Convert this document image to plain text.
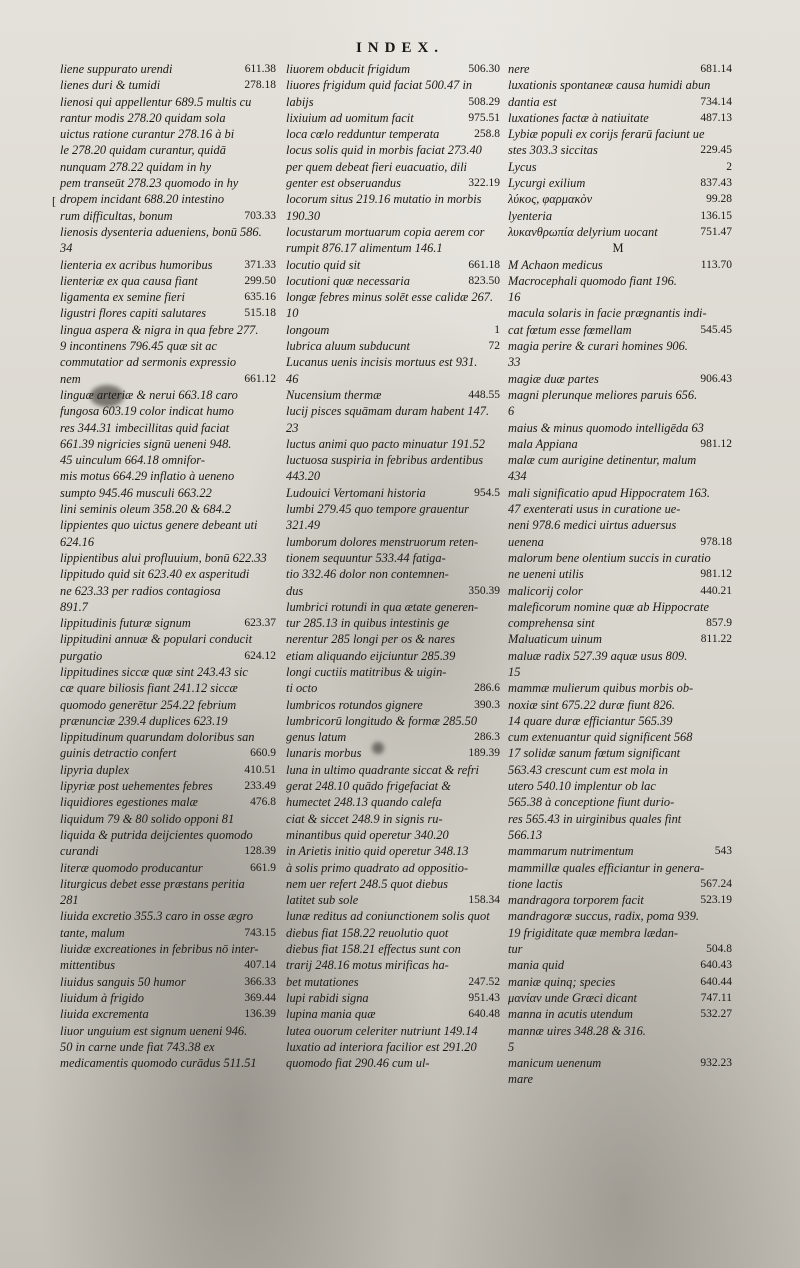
[
INDEX.
liene suppurato urendi	611.38
lienes duri & tumidi	278.18
lienosi qui appellentur 689.5 multis cu
rantur modis 278.20 quidam sola
uictus ratione curantur 278.16 à bi
le 278.20 quidam curantur, quidā
nunquam 278.22 quidam in hy
pem transeūt 278.23 quomodo in hy
dropem incidant 688.20 intestino
rum difficultas, bonum	703.33
lienosis dysenteria adueniens, bonū 586.
34
lienteria ex acribus humoribus	371.33
lienteriæ ex qua causa fiant	299.50
ligamenta ex semine fieri	635.16
ligustri flores capiti salutares	515.18
lingua aspera & nigra in qua febre 277.
9 incontinens 796.45 quæ sit ac
commutatior ad sermonis expressio
nem	661.12
linguæ arteriæ & nerui 663.18 caro
fungosa 603.19 color indicat humo
res 344.31 imbecillitas quid faciat
661.39 nigricies signū ueneni 948.
45 uinculum 664.18 omnifor-
mis motus 664.29 inflatio à ueneno
sumpto 945.46 musculi 663.22
lini seminis oleum 358.20 & 684.2
lippientes quo uictus genere debeant uti
624.16
lippientibus alui profluuium, bonū 622.33
lippitudo quid sit 623.40 ex asperitudi
ne 623.33 per radios contagiosa
891.7
lippitudinis futuræ signum	623.37
lippitudini annuæ & populari conducit
purgatio	624.12
lippitudines siccæ quæ sint 243.43 sic
cæ quare biliosis fiant 241.12 siccæ
quomodo generētur 254.22 febrium
prænunciæ 239.4 duplices 623.19
lippitudinum quarundam doloribus san
guinis detractio confert	660.9
lipyria duplex	410.51
lipyriæ post uehementes febres	233.49
liquidiores egestiones malæ	476.8
liquidum 79 & 80 solido opponi 81
liquida & putrida deijcientes quomodo
curandi	128.39
literæ quomodo producantur	661.9
liturgicus debet esse præstans peritia
281
liuida excretio 355.3 caro in osse ægro
tante, malum	743.15
liuidæ excreationes in febribus nō inter-
mittentibus	407.14
liuidus sanguis 50 humor	366.33
liuidum à frigido	369.44
liuida excrementa	136.39
liuor unguium est signum ueneni 946.
50 in carne unde fiat 743.38 ex
medicamentis quomodo curādus 511.51
liuorem obducit frigidum	506.30
liuores frigidum quid faciat 500.47 in
labijs	508.29
lixiuium ad uomitum facit	975.51
loca cœlo redduntur temperata	258.8
locus solis quid in morbis faciat 273.40
per quem debeat fieri euacuatio, dili
genter est obseruandus	322.19
locorum situs 219.16 mutatio in morbis
190.30
locustarum mortuarum copia aerem cor
rumpit 876.17 alimentum 146.1
locutio quid sit	661.18
locutioni quæ necessaria	823.50
longæ febres minus solēt esse calidæ 267.
10
longoum	1
lubrica aluum subducunt	72
Lucanus uenis incisis mortuus est 931.
46
Nucensium thermæ	448.55
lucij pisces squāmam duram habent 147.
23
luctus animi quo pacto minuatur 191.52
luctuosa suspiria in febribus ardentibus
443.20
Ludouici Vertomani historia	954.5
lumbi 279.45 quo tempore grauentur
321.49
lumborum dolores menstruorum reten-
tionem sequuntur 533.44 fatiga-
tio 332.46 dolor non contemnen-
dus	350.39
lumbrici rotundi in qua ætate generen-
tur 285.13 in quibus intestinis ge
nerentur 285 longi per os & nares
etiam aliquando eijciuntur 285.39
longi cuctiis matitribus & uigin-
ti octo	286.6
lumbricos rotundos gignere	390.3
lumbricorū longitudo & formæ 285.50
genus latum	286.3
lunaris morbus	189.39
luna in ultimo quadrante siccat & refri
gerat 248.10 quādo frigefaciat &
humectet 248.13 quando calefa
ciat & siccet 248.9 in signis ru-
minantibus quid operetur 340.20
in Arietis initio quid operetur 348.13
à solis primo quadrato ad oppositio-
nem uer refert 248.5 quot diebus
latitet sub sole	158.34
lunæ reditus ad coniunctionem solis quot
diebus fiat 158.22 reuolutio quot
diebus fiat 158.21 effectus sunt con
trarij 248.16 motus mirificas ha-
bet mutationes	247.52
lupi rabidi signa	951.43
lupina mania quæ	640.48
lutea ouorum celeriter nutriunt 149.14
luxatio ad interiora facilior est 291.20
quomodo fiat 290.46 cum ul-
nere	681.14
luxationis spontaneæ causa humidi abun
dantia est	734.14
luxationes factæ à natiuitate	487.13
Lybiæ populi ex corijs ferarū faciunt ue
stes 303.3 siccitas	229.45
Lycus	2
Lycurgi exilium	837.43
λύκος, φαρμακὸν	99.28
lyenteria	136.15
λυκανθρωπία delyrium uocant	751.47
M
M Achaon medicus	113.70
Macrocephali quomodo fiant 196.
16
macula solaris in facie prægnantis indi-
cat fœtum esse fœmellam	545.45
magia perire & curari homines 906.
33
magiæ duæ partes	906.43
magni plerunque meliores paruis 656.
6
maius & minus quomodo intelligēda 63
mala Appiana	981.12
malæ cum aurigine detinentur, malum
434
mali significatio apud Hippocratem 163.
47 exenterati usus in curatione ue-
neni 978.6 medici uirtus aduersus
uenena	978.18
malorum bene olentium succis in curatio
ne ueneni utilis	981.12
malicorij color	440.21
maleficorum nomine quæ ab Hippocrate
comprehensa sint	857.9
Maluaticum uinum	811.22
maluæ radix 527.39 aquæ usus 809.
15
mammæ mulierum quibus morbis ob-
noxiæ sint 675.22 duræ fiunt 826.
14 quare duræ efficiantur 565.39
cum extenuantur quid significent 568
17 solidæ sanum fœtum significant
563.43 crescunt cum est mola in
utero 540.10 implentur ob lac
565.38 à conceptione fiunt durio-
res 565.43 in uirginibus quales fint
566.13
mammarum nutrimentum	543
mammillæ quales efficiantur in genera-
tione lactis	567.24
mandragora torporem facit	523.19
mandragoræ succus, radix, poma 939.
19 frigiditate quæ membra lædan-
tur	504.8
mania quid	640.43
maniæ quinq; species	640.44
μανίαν unde Græci dicant	747.11
manna in acutis utendum	532.27
mannæ uires 348.28 & 316.
5
manicum uenenum	932.23
mare
